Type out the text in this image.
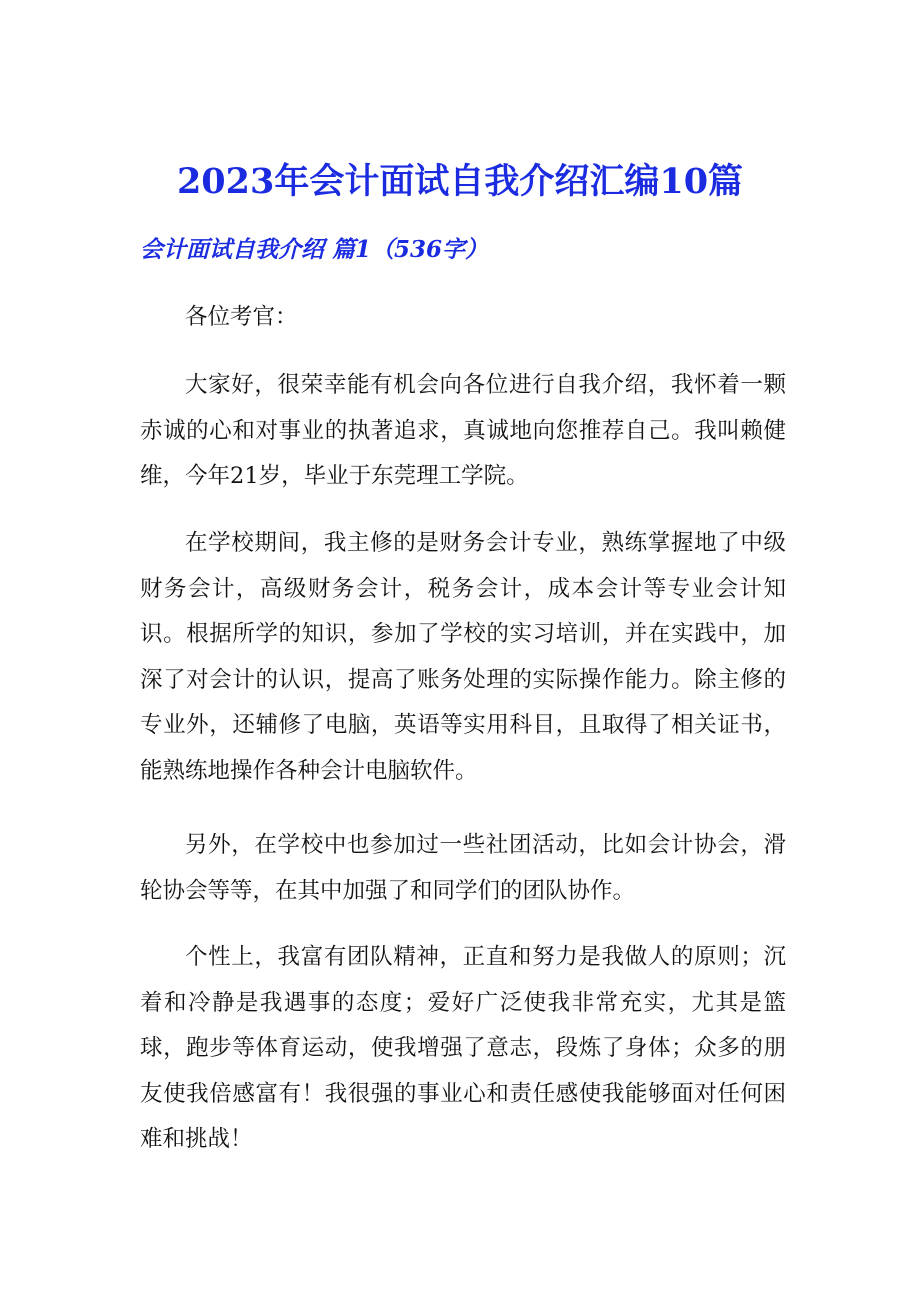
2023年会计面试自我介绍汇编10篇
会计面试自我介绍 篇1（536字）

各位考官：

大家好，很荣幸能有机会向各位进行自我介绍，我怀着一颗赤诚的心和对事业的执著追求，真诚地向您推荐自己。我叫赖健维，今年21岁，毕业于东莞理工学院。

在学校期间，我主修的是财务会计专业，熟练掌握地了中级财务会计，高级财务会计，税务会计，成本会计等专业会计知识。根据所学的知识，参加了学校的实习培训，并在实践中，加深了对会计的认识，提高了账务处理的实际操作能力。除主修的专业外，还辅修了电脑，英语等实用科目，且取得了相关证书，能熟练地操作各种会计电脑软件。

另外，在学校中也参加过一些社团活动，比如会计协会，滑轮协会等等，在其中加强了和同学们的团队协作。

个性上，我富有团队精神，正直和努力是我做人的原则；沉着和冷静是我遇事的态度；爱好广泛使我非常充实，尤其是篮球，跑步等体育运动，使我增强了意志，段炼了身体；众多的朋友使我倍感富有！我很强的事业心和责任感使我能够面对任何困难和挑战！
